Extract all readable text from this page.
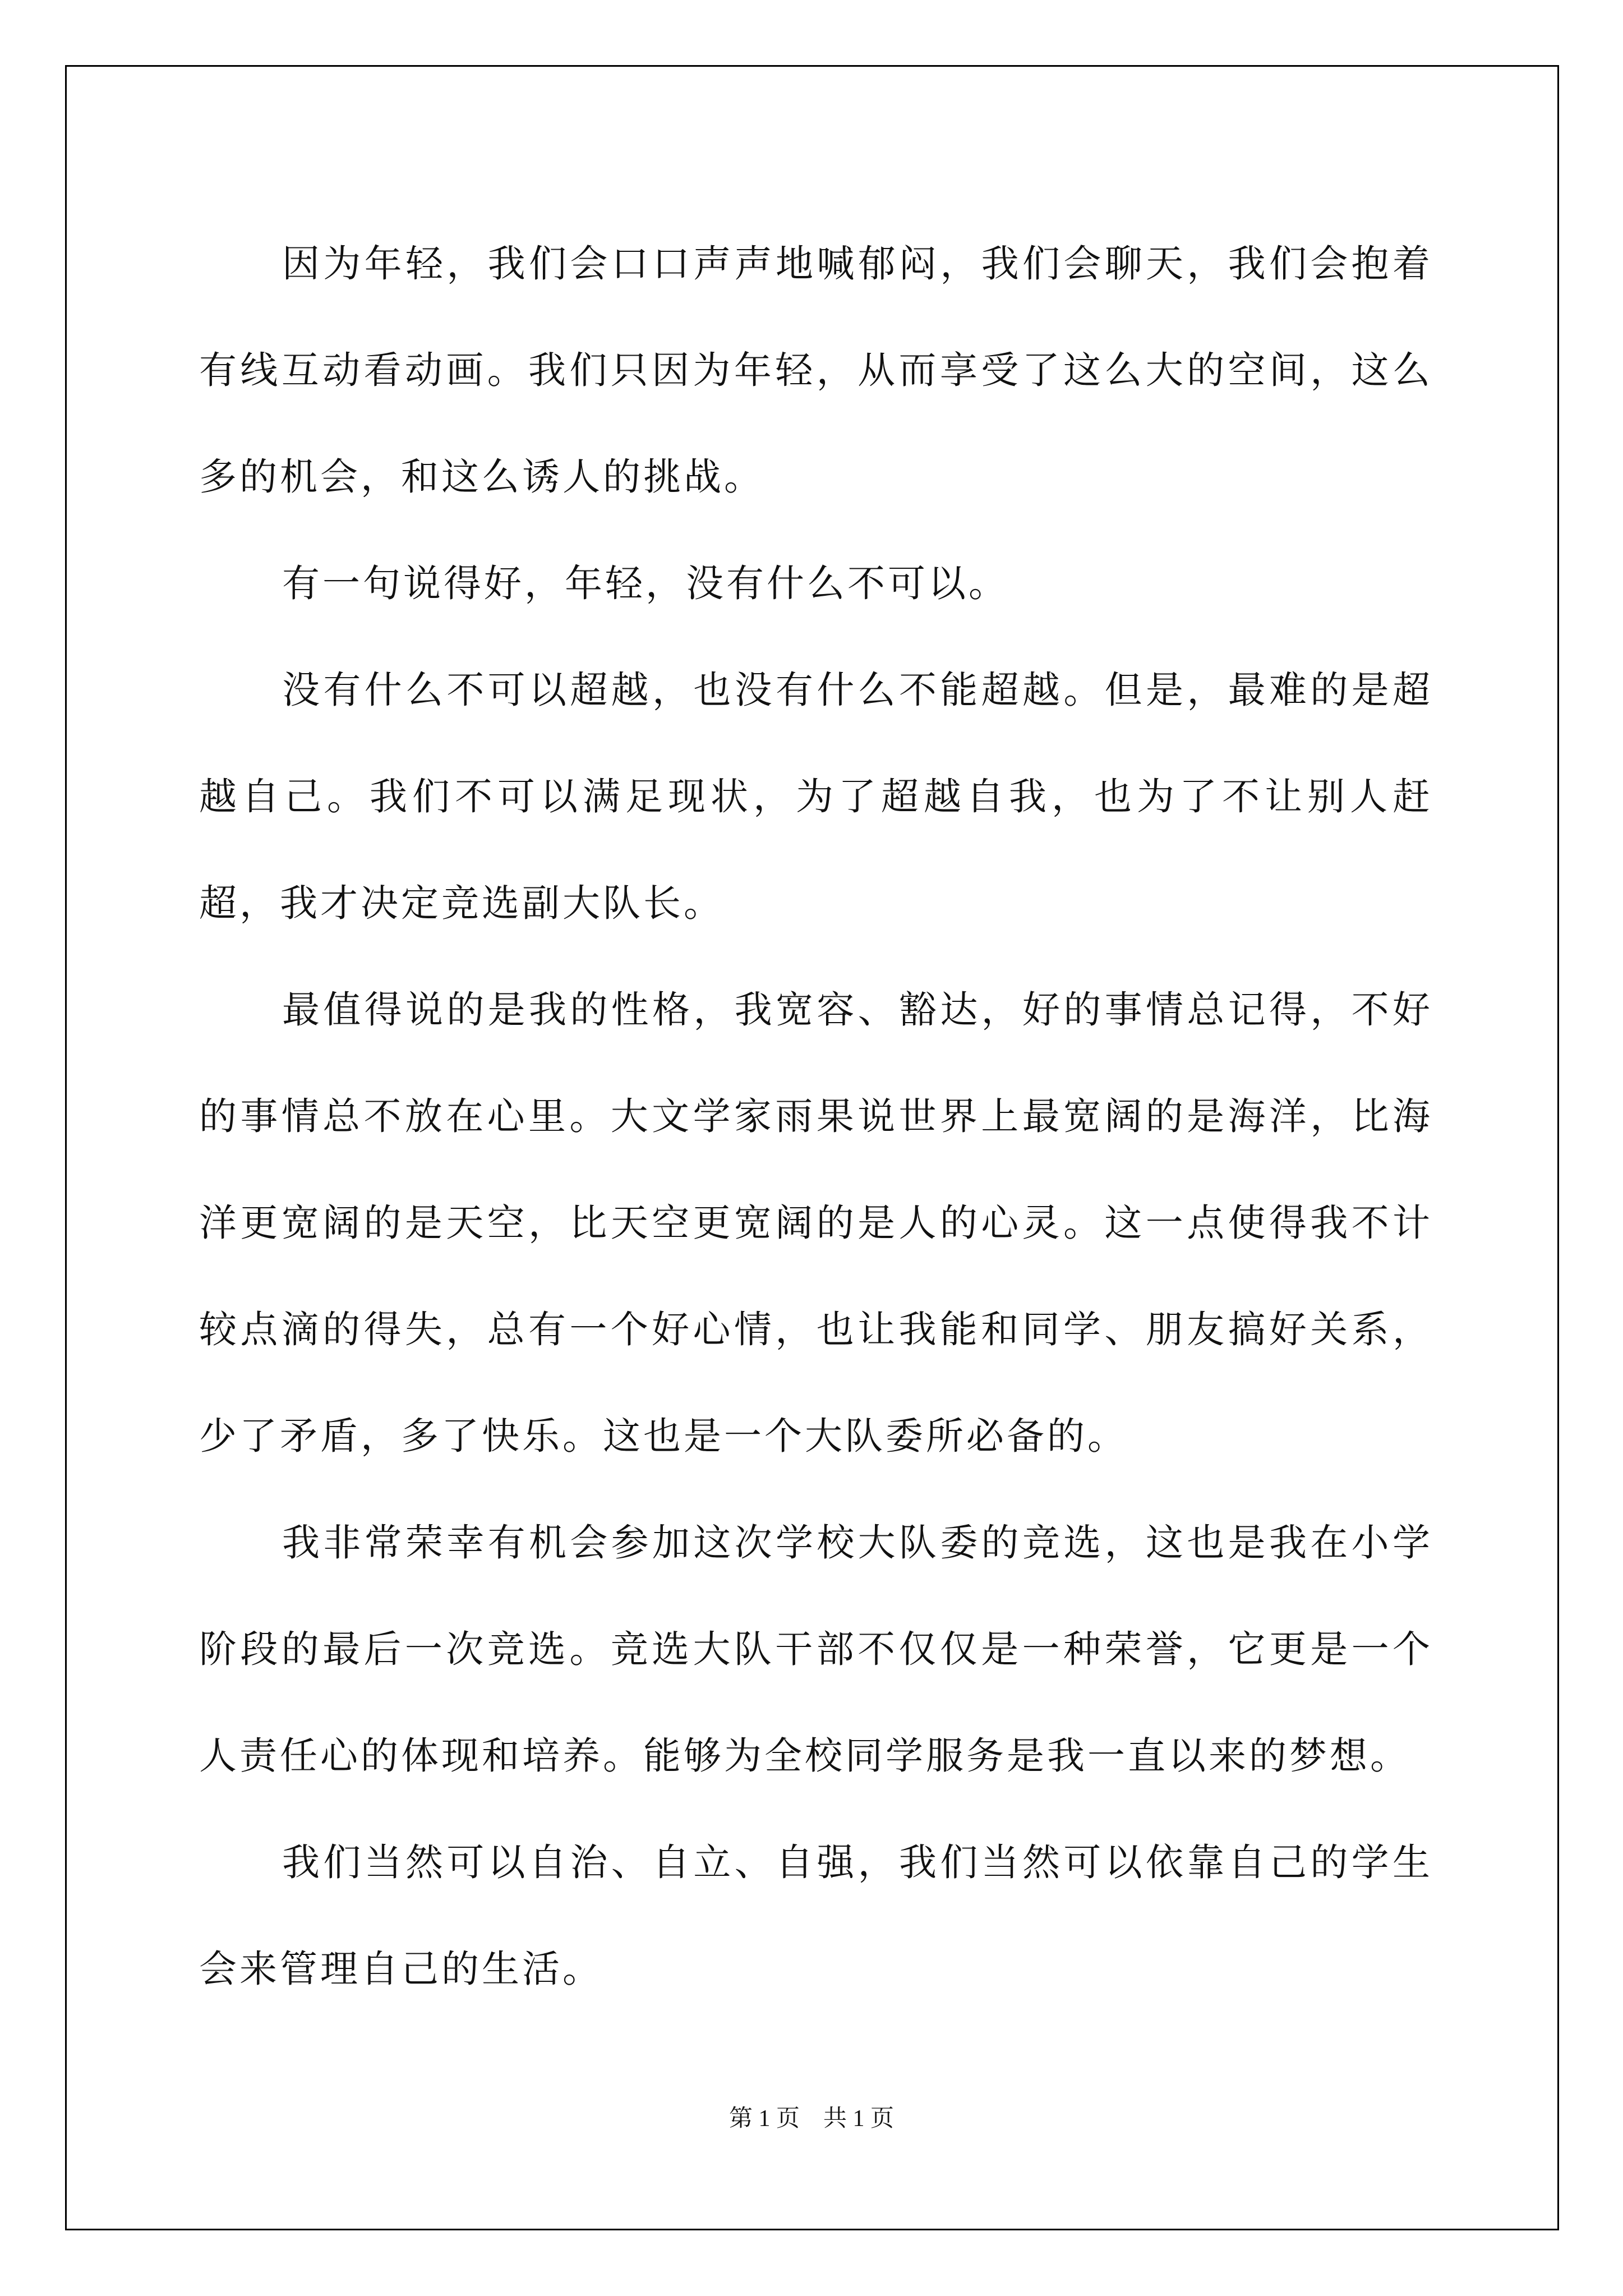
因为年轻，我们会口口声声地喊郁闷，我们会聊天，我们会抱着有线互动看动画。我们只因为年轻，从而享受了这么大的空间，这么多的机会，和这么诱人的挑战。

有一句说得好，年轻，没有什么不可以。

没有什么不可以超越，也没有什么不能超越。但是，最难的是超越自己。我们不可以满足现状，为了超越自我，也为了不让别人赶超，我才决定竞选副大队长。

最值得说的是我的性格，我宽容、豁达，好的事情总记得，不好的事情总不放在心里。大文学家雨果说世界上最宽阔的是海洋，比海洋更宽阔的是天空，比天空更宽阔的是人的心灵。这一点使得我不计较点滴的得失，总有一个好心情，也让我能和同学、朋友搞好关系，少了矛盾，多了快乐。这也是一个大队委所必备的。

我非常荣幸有机会参加这次学校大队委的竞选，这也是我在小学阶段的最后一次竞选。竞选大队干部不仅仅是一种荣誉，它更是一个人责任心的体现和培养。能够为全校同学服务是我一直以来的梦想。

我们当然可以自治、自立、自强，我们当然可以依靠自己的学生会来管理自己的生活。

第 1 页　共 1 页
